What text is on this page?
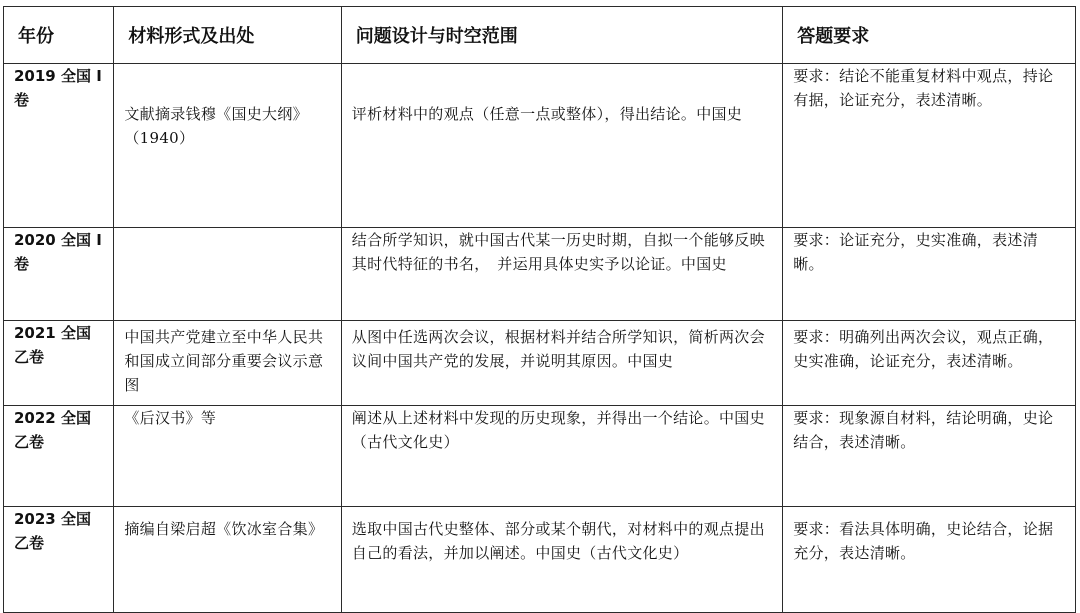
年份	材料形式及出处	问题设计与时空范围	答题要求
2019 全国 I 卷	文献摘录钱穆《国史大纲》（1940）	评析材料中的观点（任意一点或整体），得出结论。中国史	要求：结论不能重复材料中观点，持论有据，论证充分，表述清晰。
2020 全国 I 卷		结合所学知识，就中国古代某一历史时期，自拟一个能够反映其时代特征的书名，　并运用具体史实予以论证。中国史	要求：论证充分，史实准确，表述清晰。
2021 全国乙卷	中国共产党建立至中华人民共和国成立间部分重要会议示意图	从图中任选两次会议，根据材料并结合所学知识，简析两次会议间中国共产党的发展，并说明其原因。中国史	要求：明确列出两次会议，观点正确，史实准确，论证充分，表述清晰。
2022 全国乙卷	《后汉书》等	阐述从上述材料中发现的历史现象，并得出一个结论。中国史（古代文化史）	要求：现象源自材料，结论明确，史论结合，表述清晰。
2023 全国乙卷	摘编自梁启超《饮冰室合集》	选取中国古代史整体、部分或某个朝代，对材料中的观点提出自己的看法，并加以阐述。中国史（古代文化史）	要求：看法具体明确，史论结合，论据充分，表达清晰。
